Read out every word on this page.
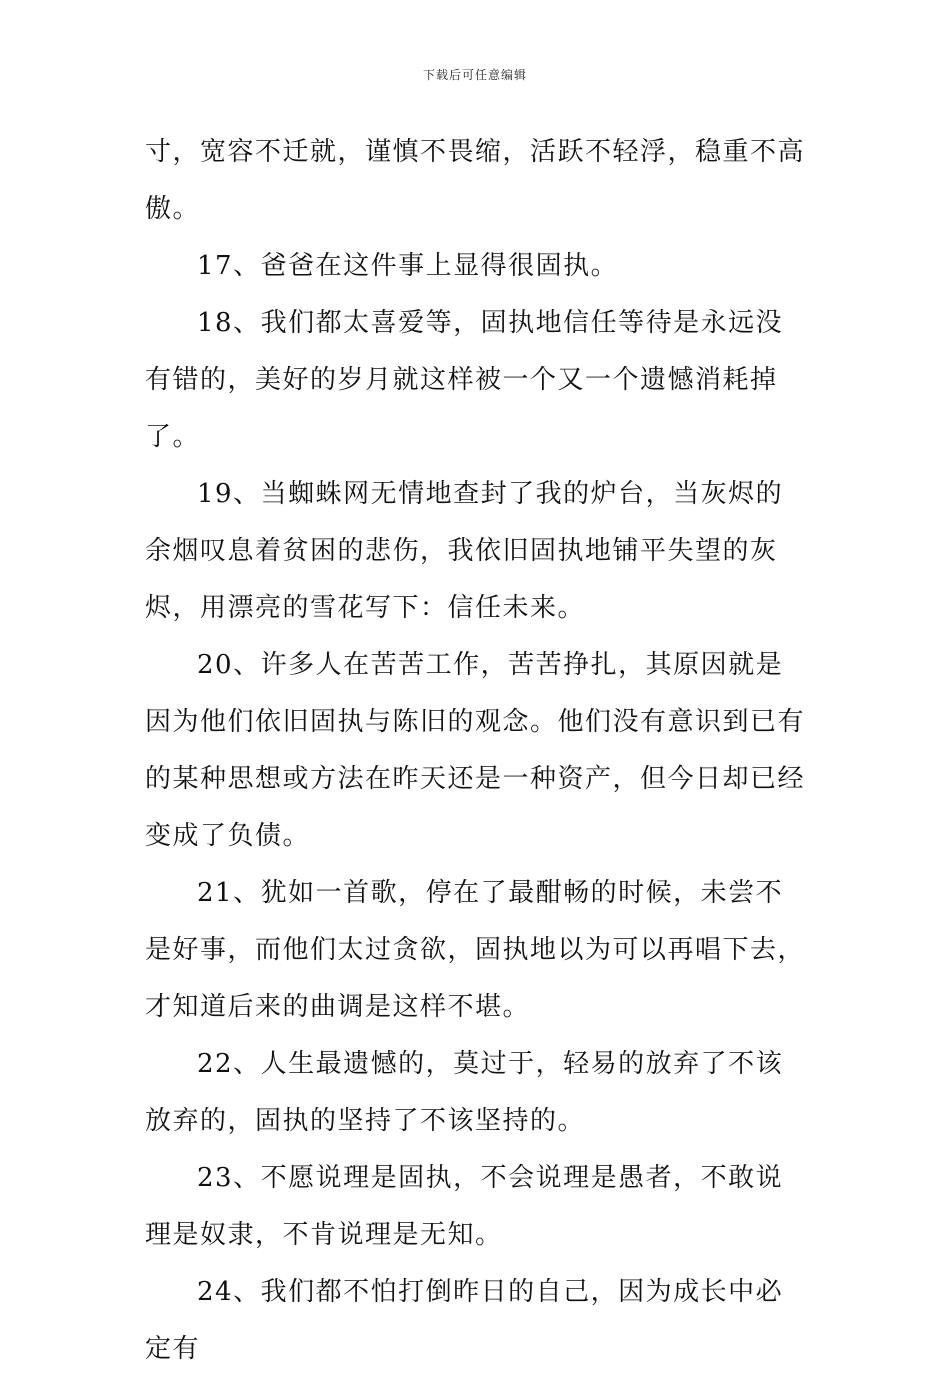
下载后可任意编辑

寸，宽容不迁就，谨慎不畏缩，活跃不轻浮，稳重不高傲。

17、爸爸在这件事上显得很固执。

18、我们都太喜爱等，固执地信任等待是永远没有错的，美好的岁月就这样被一个又一个遗憾消耗掉了。

19、当蜘蛛网无情地查封了我的炉台，当灰烬的余烟叹息着贫困的悲伤，我依旧固执地铺平失望的灰烬，用漂亮的雪花写下：信任未来。

20、许多人在苦苦工作，苦苦挣扎，其原因就是因为他们依旧固执与陈旧的观念。他们没有意识到已有的某种思想或方法在昨天还是一种资产，但今日却已经变成了负债。

21、犹如一首歌，停在了最酣畅的时候，未尝不是好事，而他们太过贪欲，固执地以为可以再唱下去，才知道后来的曲调是这样不堪。

22、人生最遗憾的，莫过于，轻易的放弃了不该放弃的，固执的坚持了不该坚持的。

23、不愿说理是固执，不会说理是愚者，不敢说理是奴隶，不肯说理是无知。

24、我们都不怕打倒昨日的自己，因为成长中必定有
